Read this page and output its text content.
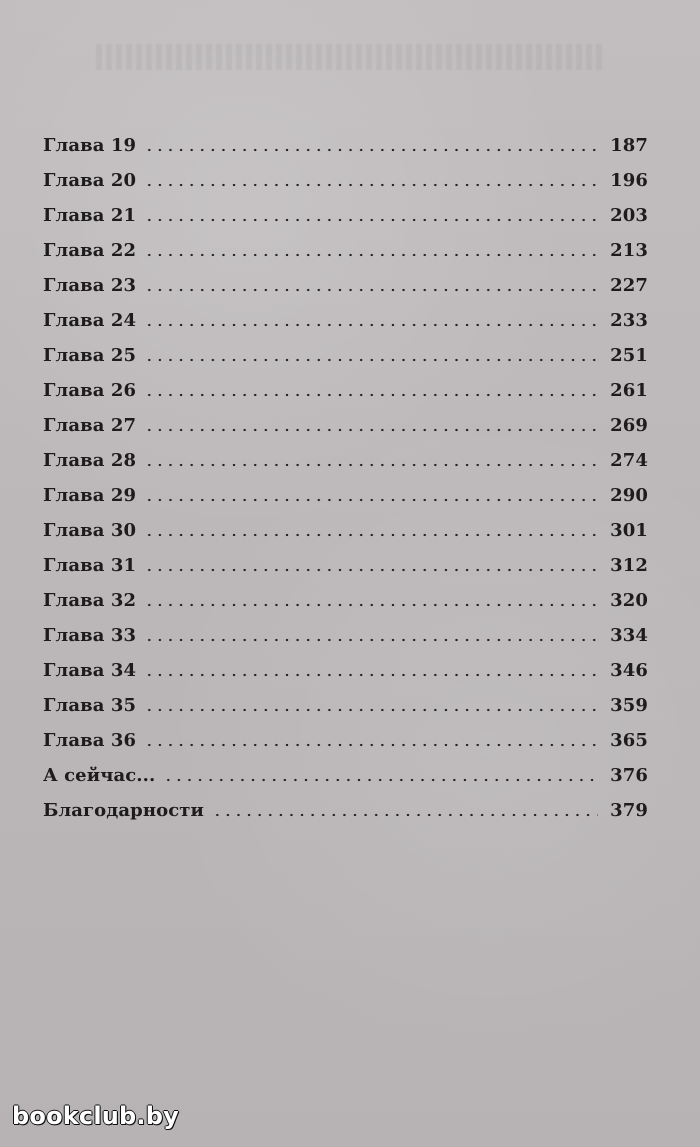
Глава 19	187
Глава 20	196
Глава 21	203
Глава 22	213
Глава 23	227
Глава 24	233
Глава 25	251
Глава 26	261
Глава 27	269
Глава 28	274
Глава 29	290
Глава 30	301
Глава 31	312
Глава 32	320
Глава 33	334
Глава 34	346
Глава 35	359
Глава 36	365
А сейчас...	376
Благодарности	379
bookclub.by
